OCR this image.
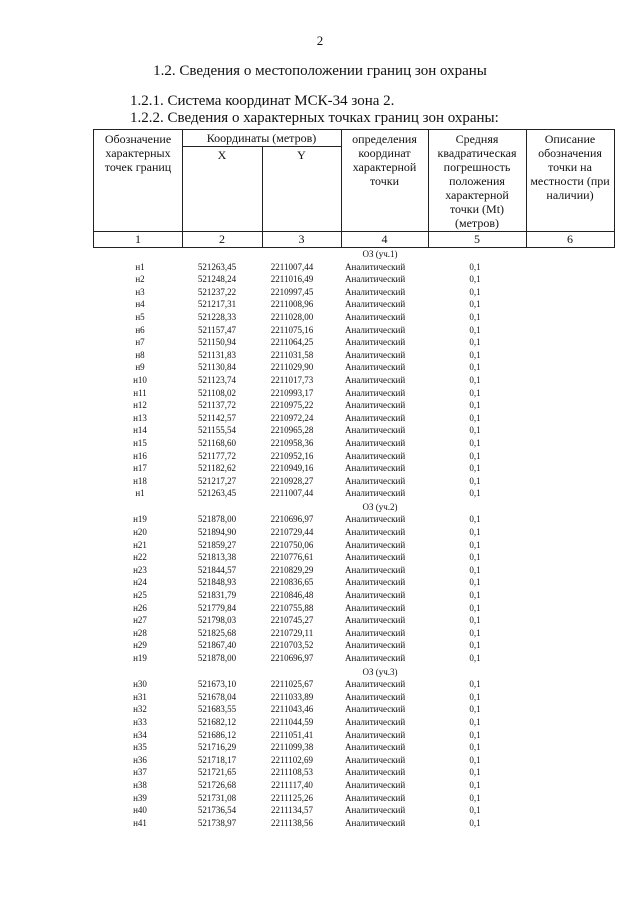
2
1.2. Сведения о местоположении границ зон охраны
1.2.1. Система координат МСК-34 зона 2.
1.2.2. Сведения о характерных точках границ зон охраны:
Обозначение характерных точек границ
Координаты (метров)
X	Y
определения координат характерной точки
Средняя квадратическая погрешность положения характерной точки (Mt) (метров)
Описание обозначения точки на местности (при наличии)
1	2	3	4	5	6
ОЗ (уч.1)
н1	521263,45	2211007,44	Аналитический	0,1
н2	521248,24	2211016,49	Аналитический	0,1
н3	521237,22	2210997,45	Аналитический	0,1
н4	521217,31	2211008,96	Аналитический	0,1
н5	521228,33	2211028,00	Аналитический	0,1
н6	521157,47	2211075,16	Аналитический	0,1
н7	521150,94	2211064,25	Аналитический	0,1
н8	521131,83	2211031,58	Аналитический	0,1
н9	521130,84	2211029,90	Аналитический	0,1
н10	521123,74	2211017,73	Аналитический	0,1
н11	521108,02	2210993,17	Аналитический	0,1
н12	521137,72	2210975,22	Аналитический	0,1
н13	521142,57	2210972,24	Аналитический	0,1
н14	521155,54	2210965,28	Аналитический	0,1
н15	521168,60	2210958,36	Аналитический	0,1
н16	521177,72	2210952,16	Аналитический	0,1
н17	521182,62	2210949,16	Аналитический	0,1
н18	521217,27	2210928,27	Аналитический	0,1
н1	521263,45	2211007,44	Аналитический	0,1
ОЗ (уч.2)
н19	521878,00	2210696,97	Аналитический	0,1
н20	521894,90	2210729,44	Аналитический	0,1
н21	521859,27	2210750,06	Аналитический	0,1
н22	521813,38	2210776,61	Аналитический	0,1
н23	521844,57	2210829,29	Аналитический	0,1
н24	521848,93	2210836,65	Аналитический	0,1
н25	521831,79	2210846,48	Аналитический	0,1
н26	521779,84	2210755,88	Аналитический	0,1
н27	521798,03	2210745,27	Аналитический	0,1
н28	521825,68	2210729,11	Аналитический	0,1
н29	521867,40	2210703,52	Аналитический	0,1
н19	521878,00	2210696,97	Аналитический	0,1
ОЗ (уч.3)
н30	521673,10	2211025,67	Аналитический	0,1
н31	521678,04	2211033,89	Аналитический	0,1
н32	521683,55	2211043,46	Аналитический	0,1
н33	521682,12	2211044,59	Аналитический	0,1
н34	521686,12	2211051,41	Аналитический	0,1
н35	521716,29	2211099,38	Аналитический	0,1
н36	521718,17	2211102,69	Аналитический	0,1
н37	521721,65	2211108,53	Аналитический	0,1
н38	521726,68	2211117,40	Аналитический	0,1
н39	521731,08	2211125,26	Аналитический	0,1
н40	521736,54	2211134,57	Аналитический	0,1
н41	521738,97	2211138,56	Аналитический	0,1
